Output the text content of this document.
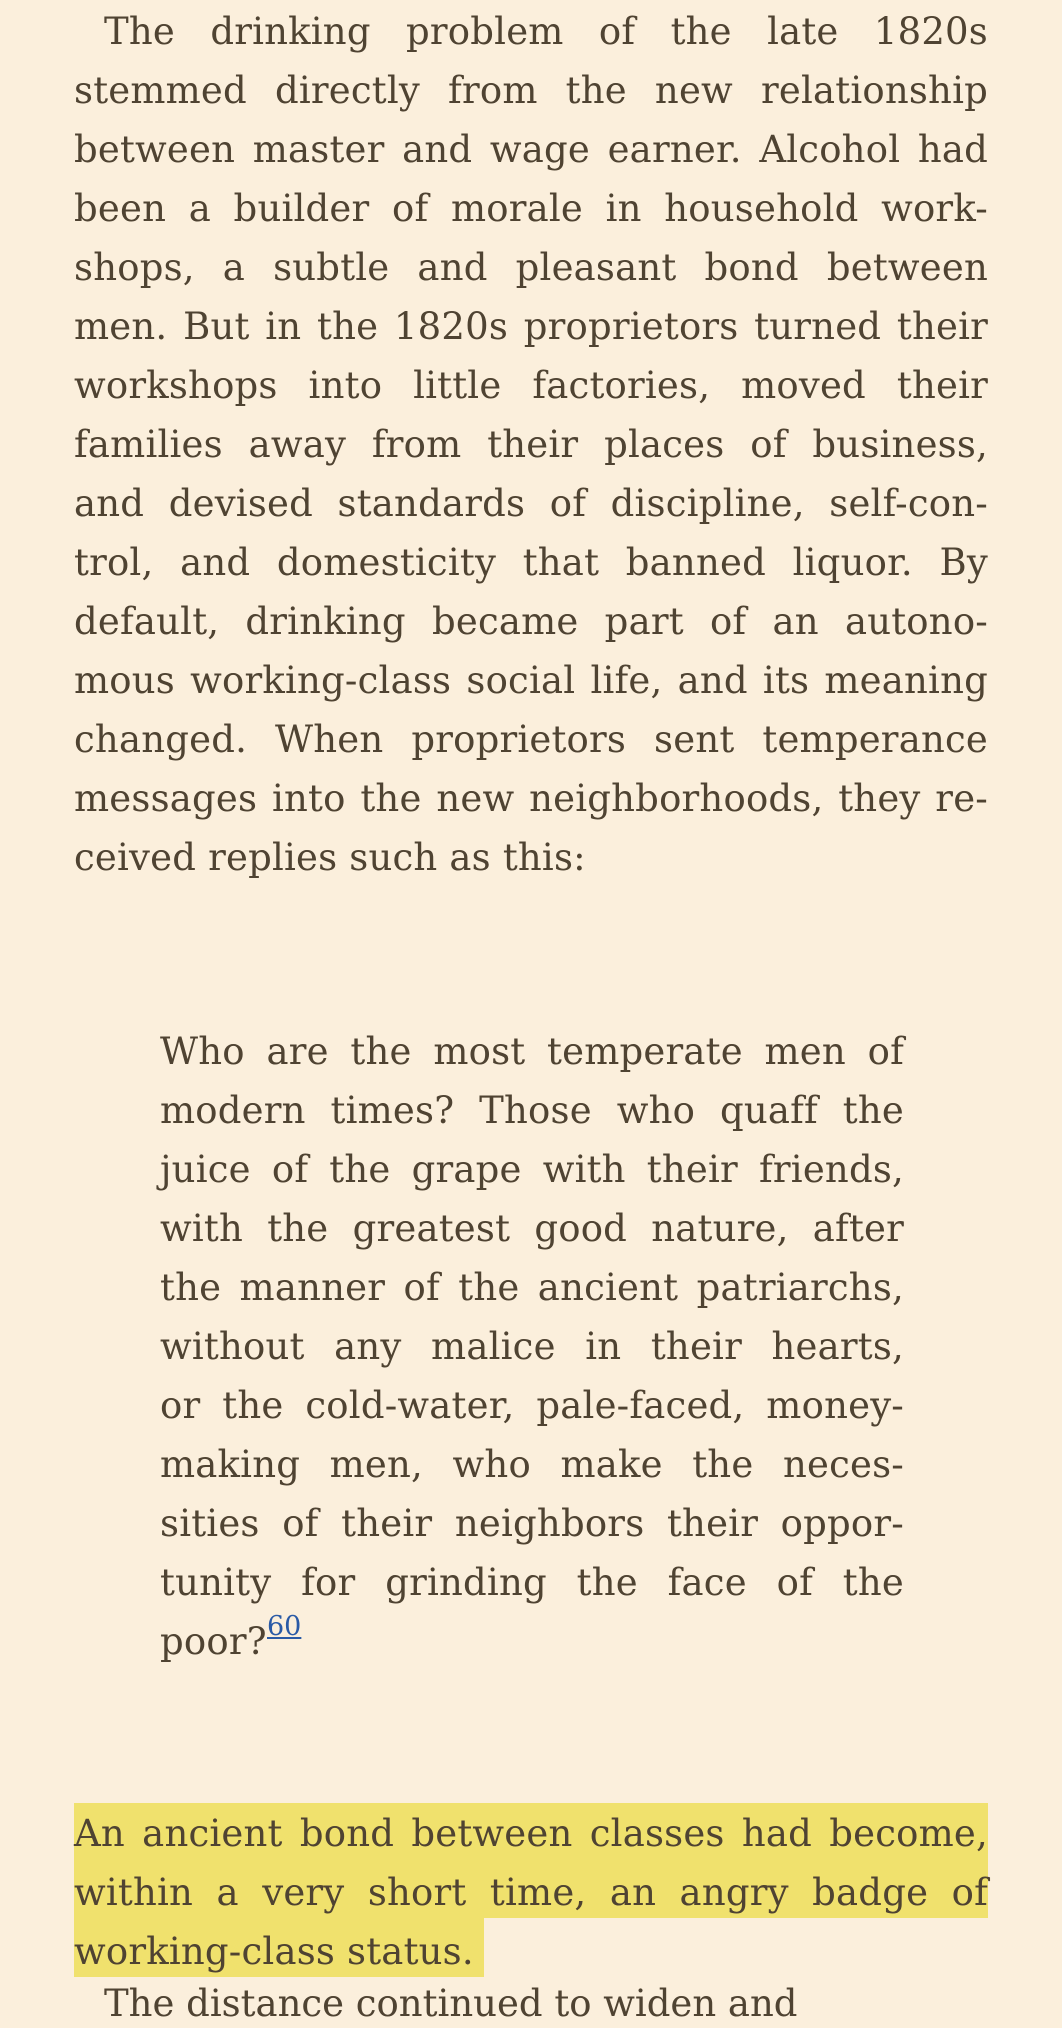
The drinking problem of the late 1820s
stemmed directly from the new relationship
between master and wage earner. Alcohol had
been a builder of morale in household work-
shops, a subtle and pleasant bond between
men. But in the 1820s proprietors turned their
workshops into little factories, moved their
families away from their places of business,
and devised standards of discipline, self-con-
trol, and domesticity that banned liquor. By
default, drinking became part of an autono-
mous working-class social life, and its meaning
changed. When proprietors sent temperance
messages into the new neighborhoods, they re-
ceived replies such as this:
Who are the most temperate men of
modern times? Those who quaff the
juice of the grape with their friends,
with the greatest good nature, after
the manner of the ancient patriarchs,
without any malice in their hearts,
or the cold-water, pale-faced, money-
making men, who make the neces-
sities of their neighbors their oppor-
tunity for grinding the face of the
poor? 60
An ancient bond between classes had become,
within a very short time, an angry badge of
working-class status.
The distance continued to widen and
